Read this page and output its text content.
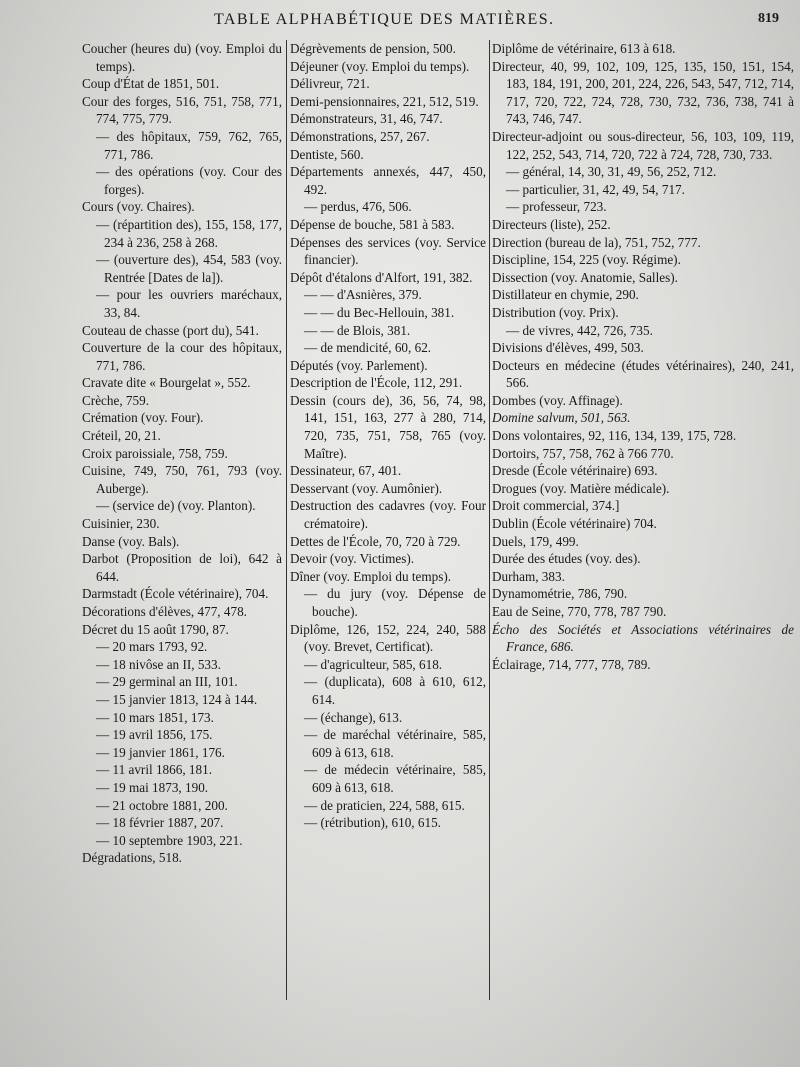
TABLE ALPHABÉTIQUE DES MATIÈRES.	819

Coucher (heures du) (voy. Emploi du temps).

Coup d'État de 1851, 501.

Cour des forges, 516, 751, 758, 771, 774, 775, 779.

— des hôpitaux, 759, 762, 765, 771, 786.

— des opérations (voy. Cour des forges).

Cours (voy. Chaires).

— (répartition des), 155, 158, 177, 234 à 236, 258 à 268.

— (ouverture des), 454, 583 (voy. Rentrée [Dates de la]).

— pour les ouvriers maréchaux, 33, 84.

Couteau de chasse (port du), 541.

Couverture de la cour des hôpitaux, 771, 786.

Cravate dite « Bourgelat », 552.

Crèche, 759.

Crémation (voy. Four).

Créteil, 20, 21.

Croix paroissiale, 758, 759.

Cuisine, 749, 750, 761, 793 (voy. Auberge).

— (service de) (voy. Planton).

Cuisinier, 230.

Danse (voy. Bals).

Darbot (Proposition de loi), 642 à 644.

Darmstadt (École vétérinaire), 704.

Décorations d'élèves, 477, 478.

Décret du 15 août 1790, 87.

— 20 mars 1793, 92.

— 18 nivôse an II, 533.

— 29 germinal an III, 101.

— 15 janvier 1813, 124 à 144.

— 10 mars 1851, 173.

— 19 avril 1856, 175.

— 19 janvier 1861, 176.

— 11 avril 1866, 181.

— 19 mai 1873, 190.

— 21 octobre 1881, 200.

— 18 février 1887, 207.

— 10 septembre 1903, 221.

Dégradations, 518.

Dégrèvements de pension, 500.

Déjeuner (voy. Emploi du temps).

Délivreur, 721.

Demi-pensionnaires, 221, 512, 519.

Démonstrateurs, 31, 46, 747.

Démonstrations, 257, 267.

Dentiste, 560.

Départements annexés, 447, 450, 492.

— perdus, 476, 506.

Dépense de bouche, 581 à 583.

Dépenses des services (voy. Service financier).

Dépôt d'étalons d'Alfort, 191, 382.

— — d'Asnières, 379.

— — du Bec-Hellouin, 381.

— — de Blois, 381.

— de mendicité, 60, 62.

Députés (voy. Parlement).

Description de l'École, 112, 291.

Dessin (cours de), 36, 56, 74, 98, 141, 151, 163, 277 à 280, 714, 720, 735, 751, 758, 765 (voy. Maître).

Dessinateur, 67, 401.

Desservant (voy. Aumônier).

Destruction des cadavres (voy. Four crématoire).

Dettes de l'École, 70, 720 à 729.

Devoir (voy. Victimes).

Dîner (voy. Emploi du temps).

— du jury (voy. Dépense de bouche).

Diplôme, 126, 152, 224, 240, 588 (voy. Brevet, Certificat).

— d'agriculteur, 585, 618.

— (duplicata), 608 à 610, 612, 614.

— (échange), 613.

— de maréchal vétérinaire, 585, 609 à 613, 618.

— de médecin vétérinaire, 585, 609 à 613, 618.

— de praticien, 224, 588, 615.

— (rétribution), 610, 615.

Diplôme de vétérinaire, 613 à 618.

Directeur, 40, 99, 102, 109, 125, 135, 150, 151, 154, 183, 184, 191, 200, 201, 224, 226, 543, 547, 712, 714, 717, 720, 722, 724, 728, 730, 732, 736, 738, 741 à 743, 746, 747.

Directeur-adjoint ou sous-directeur, 56, 103, 109, 119, 122, 252, 543, 714, 720, 722 à 724, 728, 730, 733.

— général, 14, 30, 31, 49, 56, 252, 712.

— particulier, 31, 42, 49, 54, 717.

— professeur, 723.

Directeurs (liste), 252.

Direction (bureau de la), 751, 752, 777.

Discipline, 154, 225 (voy. Régime).

Dissection (voy. Anatomie, Salles).

Distillateur en chymie, 290.

Distribution (voy. Prix).

— de vivres, 442, 726, 735.

Divisions d'élèves, 499, 503.

Docteurs en médecine (études vétérinaires), 240, 241, 566.

Dombes (voy. Affinage).

Domine salvum, 501, 563.

Dons volontaires, 92, 116, 134, 139, 175, 728.

Dortoirs, 757, 758, 762 à 766 770.

Dresde (École vétérinaire) 693.

Drogues (voy. Matière médicale).

Droit commercial, 374.]

Dublin (École vétérinaire) 704.

Duels, 179, 499.

Durée des études (voy. des).

Durham, 383.

Dynamométrie, 786, 790.

Eau de Seine, 770, 778, 787 790.

Écho des Sociétés et Associations vétérinaires de France, 686.

Éclairage, 714, 777, 778, 789.
